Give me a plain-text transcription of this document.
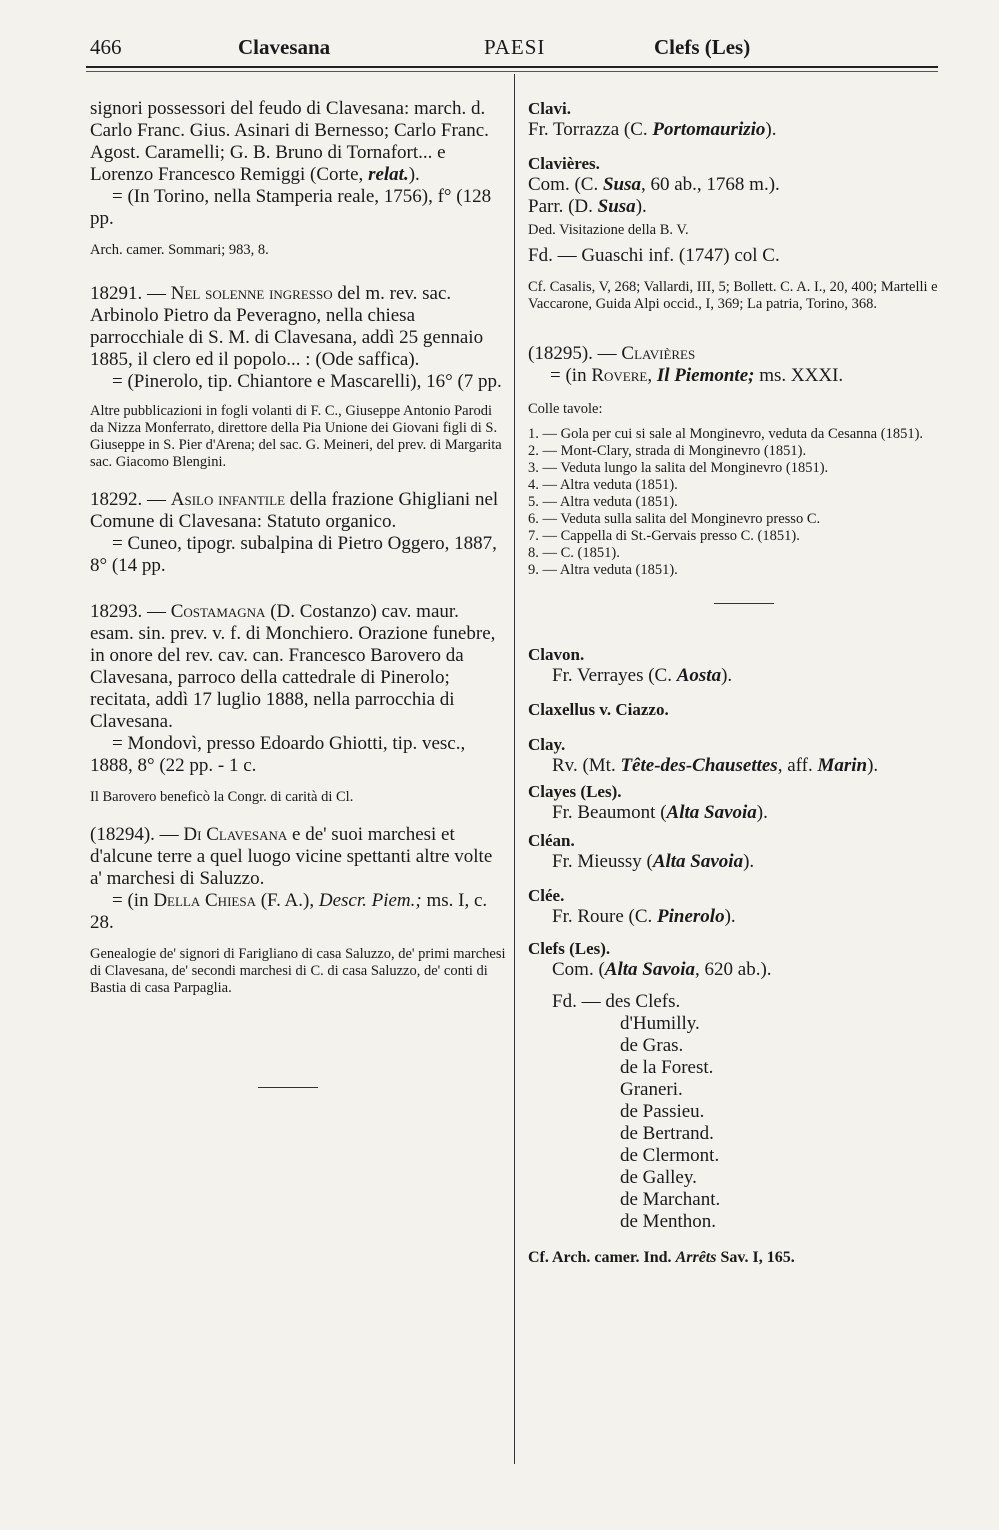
466	Clavesana	PAESI	Clefs (Les)

signori possessori del feudo di Clavesana: march. d. Carlo Franc. Gius. Asinari di Bernesso; Carlo Franc. Agost. Caramelli; G. B. Bruno di Tornafort... e Lorenzo Francesco Remiggi (Corte, relat.).

= (In Torino, nella Stamperia reale, 1756), f° (128 pp.

Arch. camer. Sommari; 983, 8.

18291. — Nel solenne ingresso del m. rev. sac. Arbinolo Pietro da Peveragno, nella chiesa parrocchiale di S. M. di Clavesana, addì 25 gennaio 1885, il clero ed il popolo... : (Ode saffica).

= (Pinerolo, tip. Chiantore e Mascarelli), 16° (7 pp.

Altre pubblicazioni in fogli volanti di F. C., Giuseppe Antonio Parodi da Nizza Monferrato, direttore della Pia Unione dei Giovani figli di S. Giuseppe in S. Pier d'Arena; del sac. G. Meineri, del prev. di Margarita sac. Giacomo Blengini.

18292. — Asilo infantile della frazione Ghigliani nel Comune di Clavesana: Statuto organico.

= Cuneo, tipogr. subalpina di Pietro Oggero, 1887, 8° (14 pp.

18293. — Costamagna (D. Costanzo) cav. maur. esam. sin. prev. v. f. di Monchiero. Orazione funebre, in onore del rev. cav. can. Francesco Barovero da Clavesana, parroco della cattedrale di Pinerolo; recitata, addì 17 luglio 1888, nella parrocchia di Clavesana.

= Mondovì, presso Edoardo Ghiotti, tip. vesc., 1888, 8° (22 pp. - 1 c.

Il Barovero beneficò la Congr. di carità di Cl.

(18294). — Di Clavesana e de' suoi marchesi et d'alcune terre a quel luogo vicine spettanti altre volte a' marchesi di Saluzzo.

= (in Della Chiesa (F. A.), Descr. Piem.; ms. I, c. 28.

Genealogie de' signori di Farigliano di casa Saluzzo, de' primi marchesi di Clavesana, de' secondi marchesi di C. di casa Saluzzo, de' conti di Bastia di casa Parpaglia.

Clavi.

Fr. Torrazza (C. Portomaurizio).

Clavières.

Com. (C. Susa, 60 ab., 1768 m.).

Parr. (D. Susa).

Ded. Visitazione della B. V.

Fd. — Guaschi inf. (1747) col C.

Cf. Casalis, V, 268; Vallardi, III, 5; Bollett. C. A. I., 20, 400; Martelli e Vaccarone, Guida Alpi occid., I, 369; La patria, Torino, 368.

(18295). — Clavières

= (in Rovere, Il Piemonte; ms. XXXI.

Colle tavole:

1. — Gola per cui si sale al Monginevro, veduta da Cesanna (1851).
2. — Mont-Clary, strada di Monginevro (1851).
3. — Veduta lungo la salita del Monginevro (1851).
4. — Altra veduta (1851).
5. — Altra veduta (1851).
6. — Veduta sulla salita del Monginevro presso C.
7. — Cappella di St.-Gervais presso C. (1851).
8. — C. (1851).
9. — Altra veduta (1851).

Clavon.

Fr. Verrayes (C. Aosta).

Claxellus v. Ciazzo.

Clay.

Rv. (Mt. Tête-des-Chausettes, aff. Marin).

Clayes (Les).

Fr. Beaumont (Alta Savoia).

Cléan.

Fr. Mieussy (Alta Savoia).

Clée.

Fr. Roure (C. Pinerolo).

Clefs (Les).

Com. (Alta Savoia, 620 ab.).

Fd. — des Clefs.

d'Humilly.
de Gras.
de la Forest.
Graneri.
de Passieu.
de Bertrand.
de Clermont.
de Galley.
de Marchant.
de Menthon.

Cf. Arch. camer. Ind. Arrêts Sav. I, 165.
